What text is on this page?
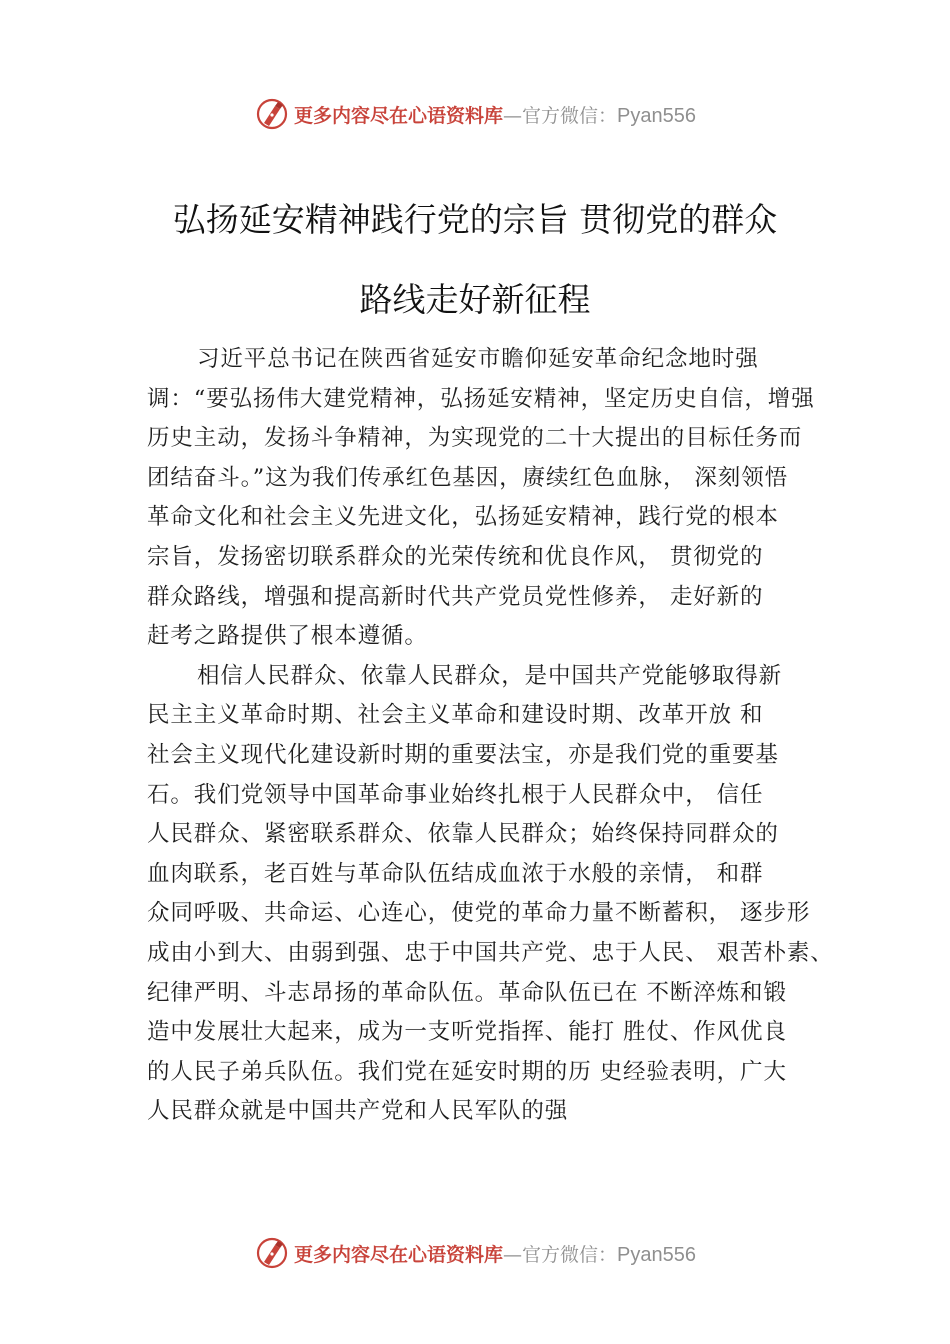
更多内容尽在心语资料库 —官方微信： Pyan556
弘扬延安精神践行党的宗旨 贯彻党的群众
路线走好新征程
习近平总书记在陕西省延安市瞻仰延安革命纪念地时强
调：“要弘扬伟大建党精神，弘扬延安精神，坚定历史自信，增强
历史主动，发扬斗争精神，为实现党的二十大提出的目标任务而
团结奋斗。”这为我们传承红色基因，赓续红色血脉， 深刻领悟
革命文化和社会主义先进文化，弘扬延安精神，践行党的根本
宗旨，发扬密切联系群众的光荣传统和优良作风， 贯彻党的
群众路线，增强和提高新时代共产党员党性修养， 走好新的
赶考之路提供了根本遵循。
相信人民群众、依靠人民群众，是中国共产党能够取得新
民主主义革命时期、社会主义革命和建设时期、改革开放 和
社会主义现代化建设新时期的重要法宝，亦是我们党的重要基
石。我们党领导中国革命事业始终扎根于人民群众中， 信任
人民群众、紧密联系群众、依靠人民群众；始终保持同群众的
血肉联系，老百姓与革命队伍结成血浓于水般的亲情， 和群
众同呼吸、共命运、心连心，使党的革命力量不断蓄积， 逐步形
成由小到大、由弱到强、忠于中国共产党、忠于人民、 艰苦朴素、
纪律严明、斗志昂扬的革命队伍。革命队伍已在 不断淬炼和锻
造中发展壮大起来，成为一支听党指挥、能打 胜仗、作风优良
的人民子弟兵队伍。我们党在延安时期的历 史经验表明，广大
人民群众就是中国共产党和人民军队的强
更多内容尽在心语资料库 —官方微信： Pyan556
